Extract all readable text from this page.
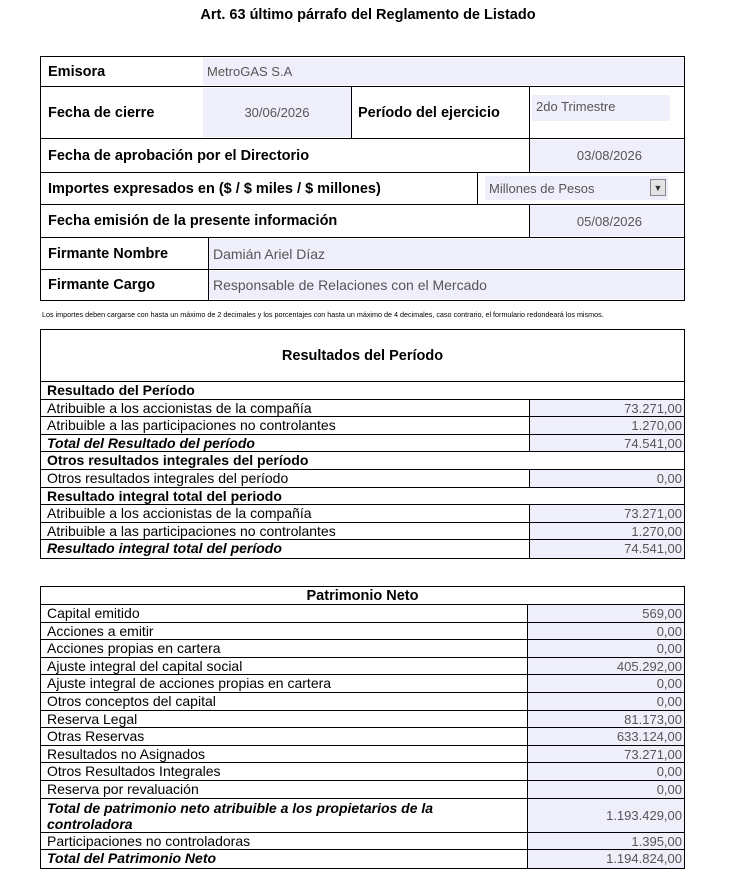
Art. 63 último párrafo del Reglamento de Listado
Emisora	MetroGAS S.A
Fecha de cierre	30/06/2026	Período del ejercicio	2do Trimestre
Fecha de aprobación por el Directorio	03/08/2026
Importes expresados en ($ / $ miles / $ millones)	Millones de Pesos	▼
Fecha emisión de la presente información	05/08/2026
Firmante Nombre	Damián Ariel Díaz
Firmante Cargo	Responsable de Relaciones con el Mercado
Los importes deben cargarse con hasta un máximo de 2 decimales y los porcentajes con hasta un máximo de 4 decimales, caso contrario, el formulario redondeará los mismos.
Resultados del Período
Resultado del Período
Atribuible a los accionistas de la compañía	73.271,00
Atribuible a las participaciones no controlantes	1.270,00
Total del Resultado del período	74.541,00
Otros resultados integrales del período
Otros resultados integrales del período	0,00
Resultado integral total del periodo
Atribuible a los accionistas de la compañía	73.271,00
Atribuible a las participaciones no controlantes	1.270,00
Resultado integral total del período	74.541,00
Patrimonio Neto
Capital emitido	569,00
Acciones a emitir	0,00
Acciones propias en cartera	0,00
Ajuste integral del capital social	405.292,00
Ajuste integral de acciones propias en cartera	0,00
Otros conceptos del capital	0,00
Reserva Legal	81.173,00
Otras Reservas	633.124,00
Resultados no Asignados	73.271,00
Otros Resultados Integrales	0,00
Reserva por revaluación	0,00
Total de patrimonio neto atribuible a los propietarios de la controladora
1.193.429,00
Participaciones no controladoras	1.395,00
Total del Patrimonio Neto	1.194.824,00
